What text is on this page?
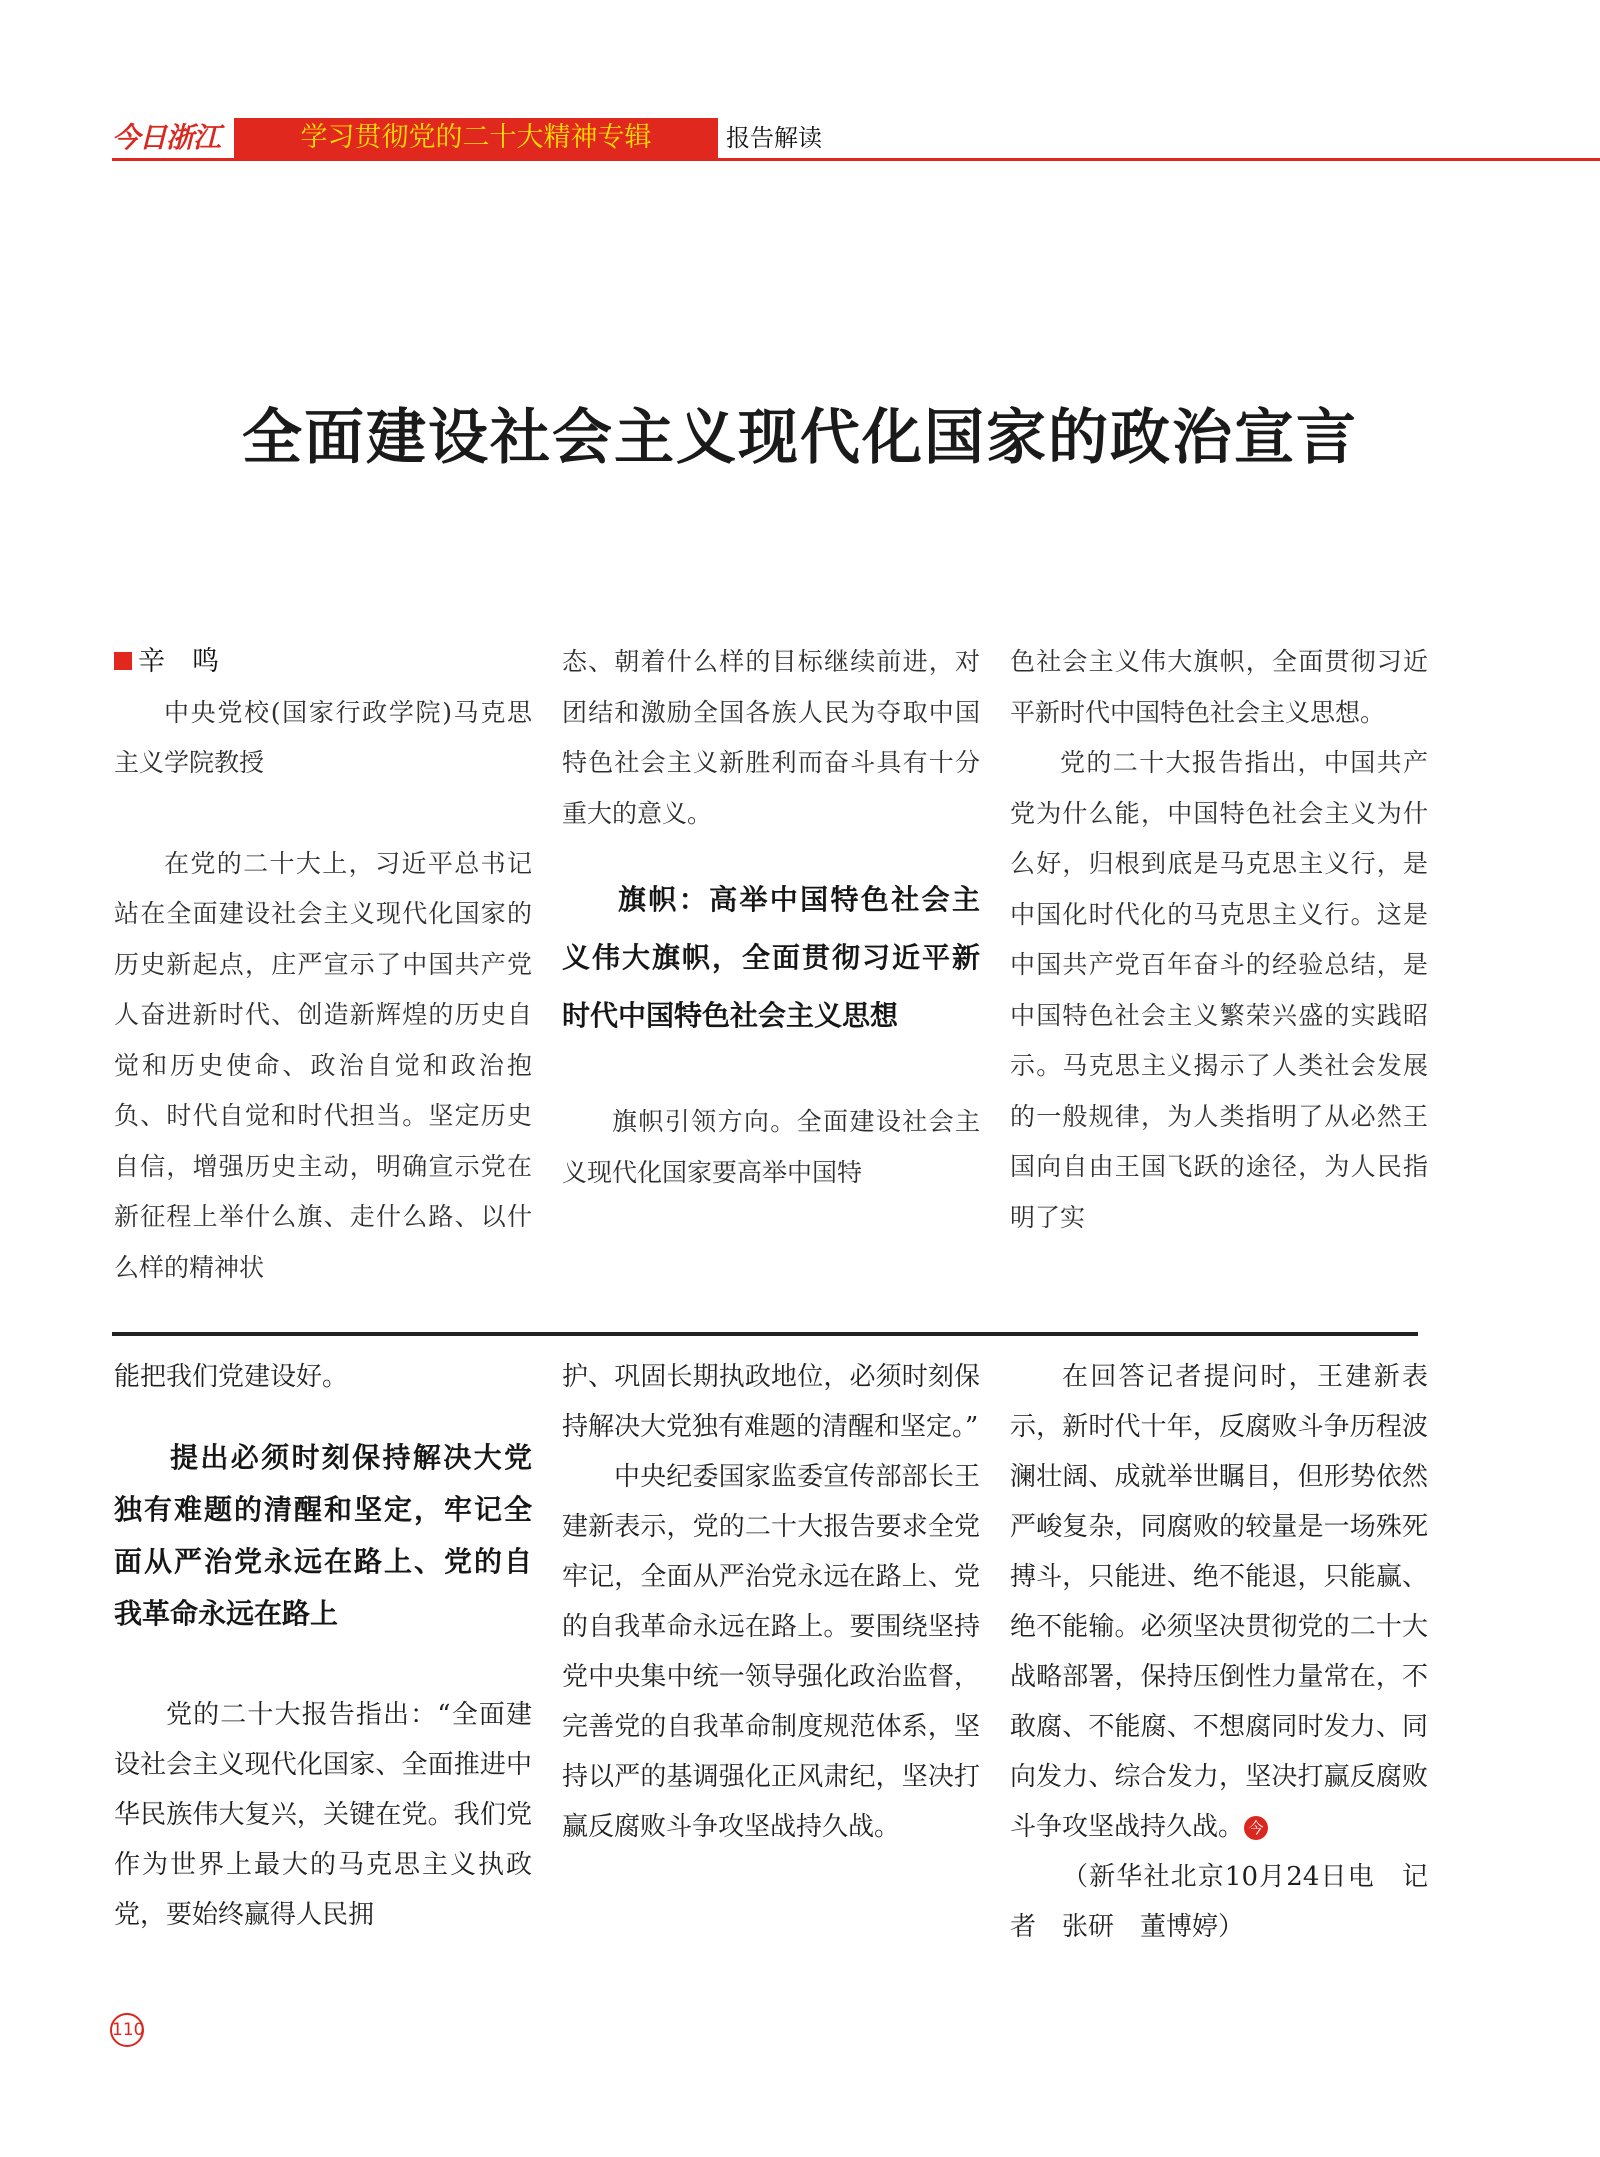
今日浙江	学习贯彻党的二十大精神专辑	报告解读
全面建设社会主义现代化国家的政治宣言

辛　鸣

中央党校(国家行政学院)马克思主义学院教授

在党的二十大上，习近平总书记站在全面建设社会主义现代化国家的历史新起点，庄严宣示了中国共产党人奋进新时代、创造新辉煌的历史自觉和历史使命、政治自觉和政治抱负、时代自觉和时代担当。坚定历史自信，增强历史主动，明确宣示党在新征程上举什么旗、走什么路、以什么样的精神状

态、朝着什么样的目标继续前进，对团结和激励全国各族人民为夺取中国特色社会主义新胜利而奋斗具有十分重大的意义。

旗帜：高举中国特色社会主义伟大旗帜，全面贯彻习近平新时代中国特色社会主义思想

旗帜引领方向。全面建设社会主义现代化国家要高举中国特

色社会主义伟大旗帜，全面贯彻习近平新时代中国特色社会主义思想。

党的二十大报告指出，中国共产党为什么能，中国特色社会主义为什么好，归根到底是马克思主义行，是中国化时代化的马克思主义行。这是中国共产党百年奋斗的经验总结，是中国特色社会主义繁荣兴盛的实践昭示。马克思主义揭示了人类社会发展的一般规律，为人类指明了从必然王国向自由王国飞跃的途径，为人民指明了实

能把我们党建设好。

提出必须时刻保持解决大党独有难题的清醒和坚定，牢记全面从严治党永远在路上、党的自我革命永远在路上

党的二十大报告指出：“全面建设社会主义现代化国家、全面推进中华民族伟大复兴，关键在党。我们党作为世界上最大的马克思主义执政党，要始终赢得人民拥

护、巩固长期执政地位，必须时刻保持解决大党独有难题的清醒和坚定。”

中央纪委国家监委宣传部部长王建新表示，党的二十大报告要求全党牢记，全面从严治党永远在路上、党的自我革命永远在路上。要围绕坚持党中央集中统一领导强化政治监督，完善党的自我革命制度规范体系，坚持以严的基调强化正风肃纪，坚决打赢反腐败斗争攻坚战持久战。

在回答记者提问时，王建新表示，新时代十年，反腐败斗争历程波澜壮阔、成就举世瞩目，但形势依然严峻复杂，同腐败的较量是一场殊死搏斗，只能进、绝不能退，只能赢、绝不能输。必须坚决贯彻党的二十大战略部署，保持压倒性力量常在，不敢腐、不能腐、不想腐同时发力、同向发力、综合发力，坚决打赢反腐败斗争攻坚战持久战。 今

（新华社北京10月24日电　记者　张研　董博婷）

110
